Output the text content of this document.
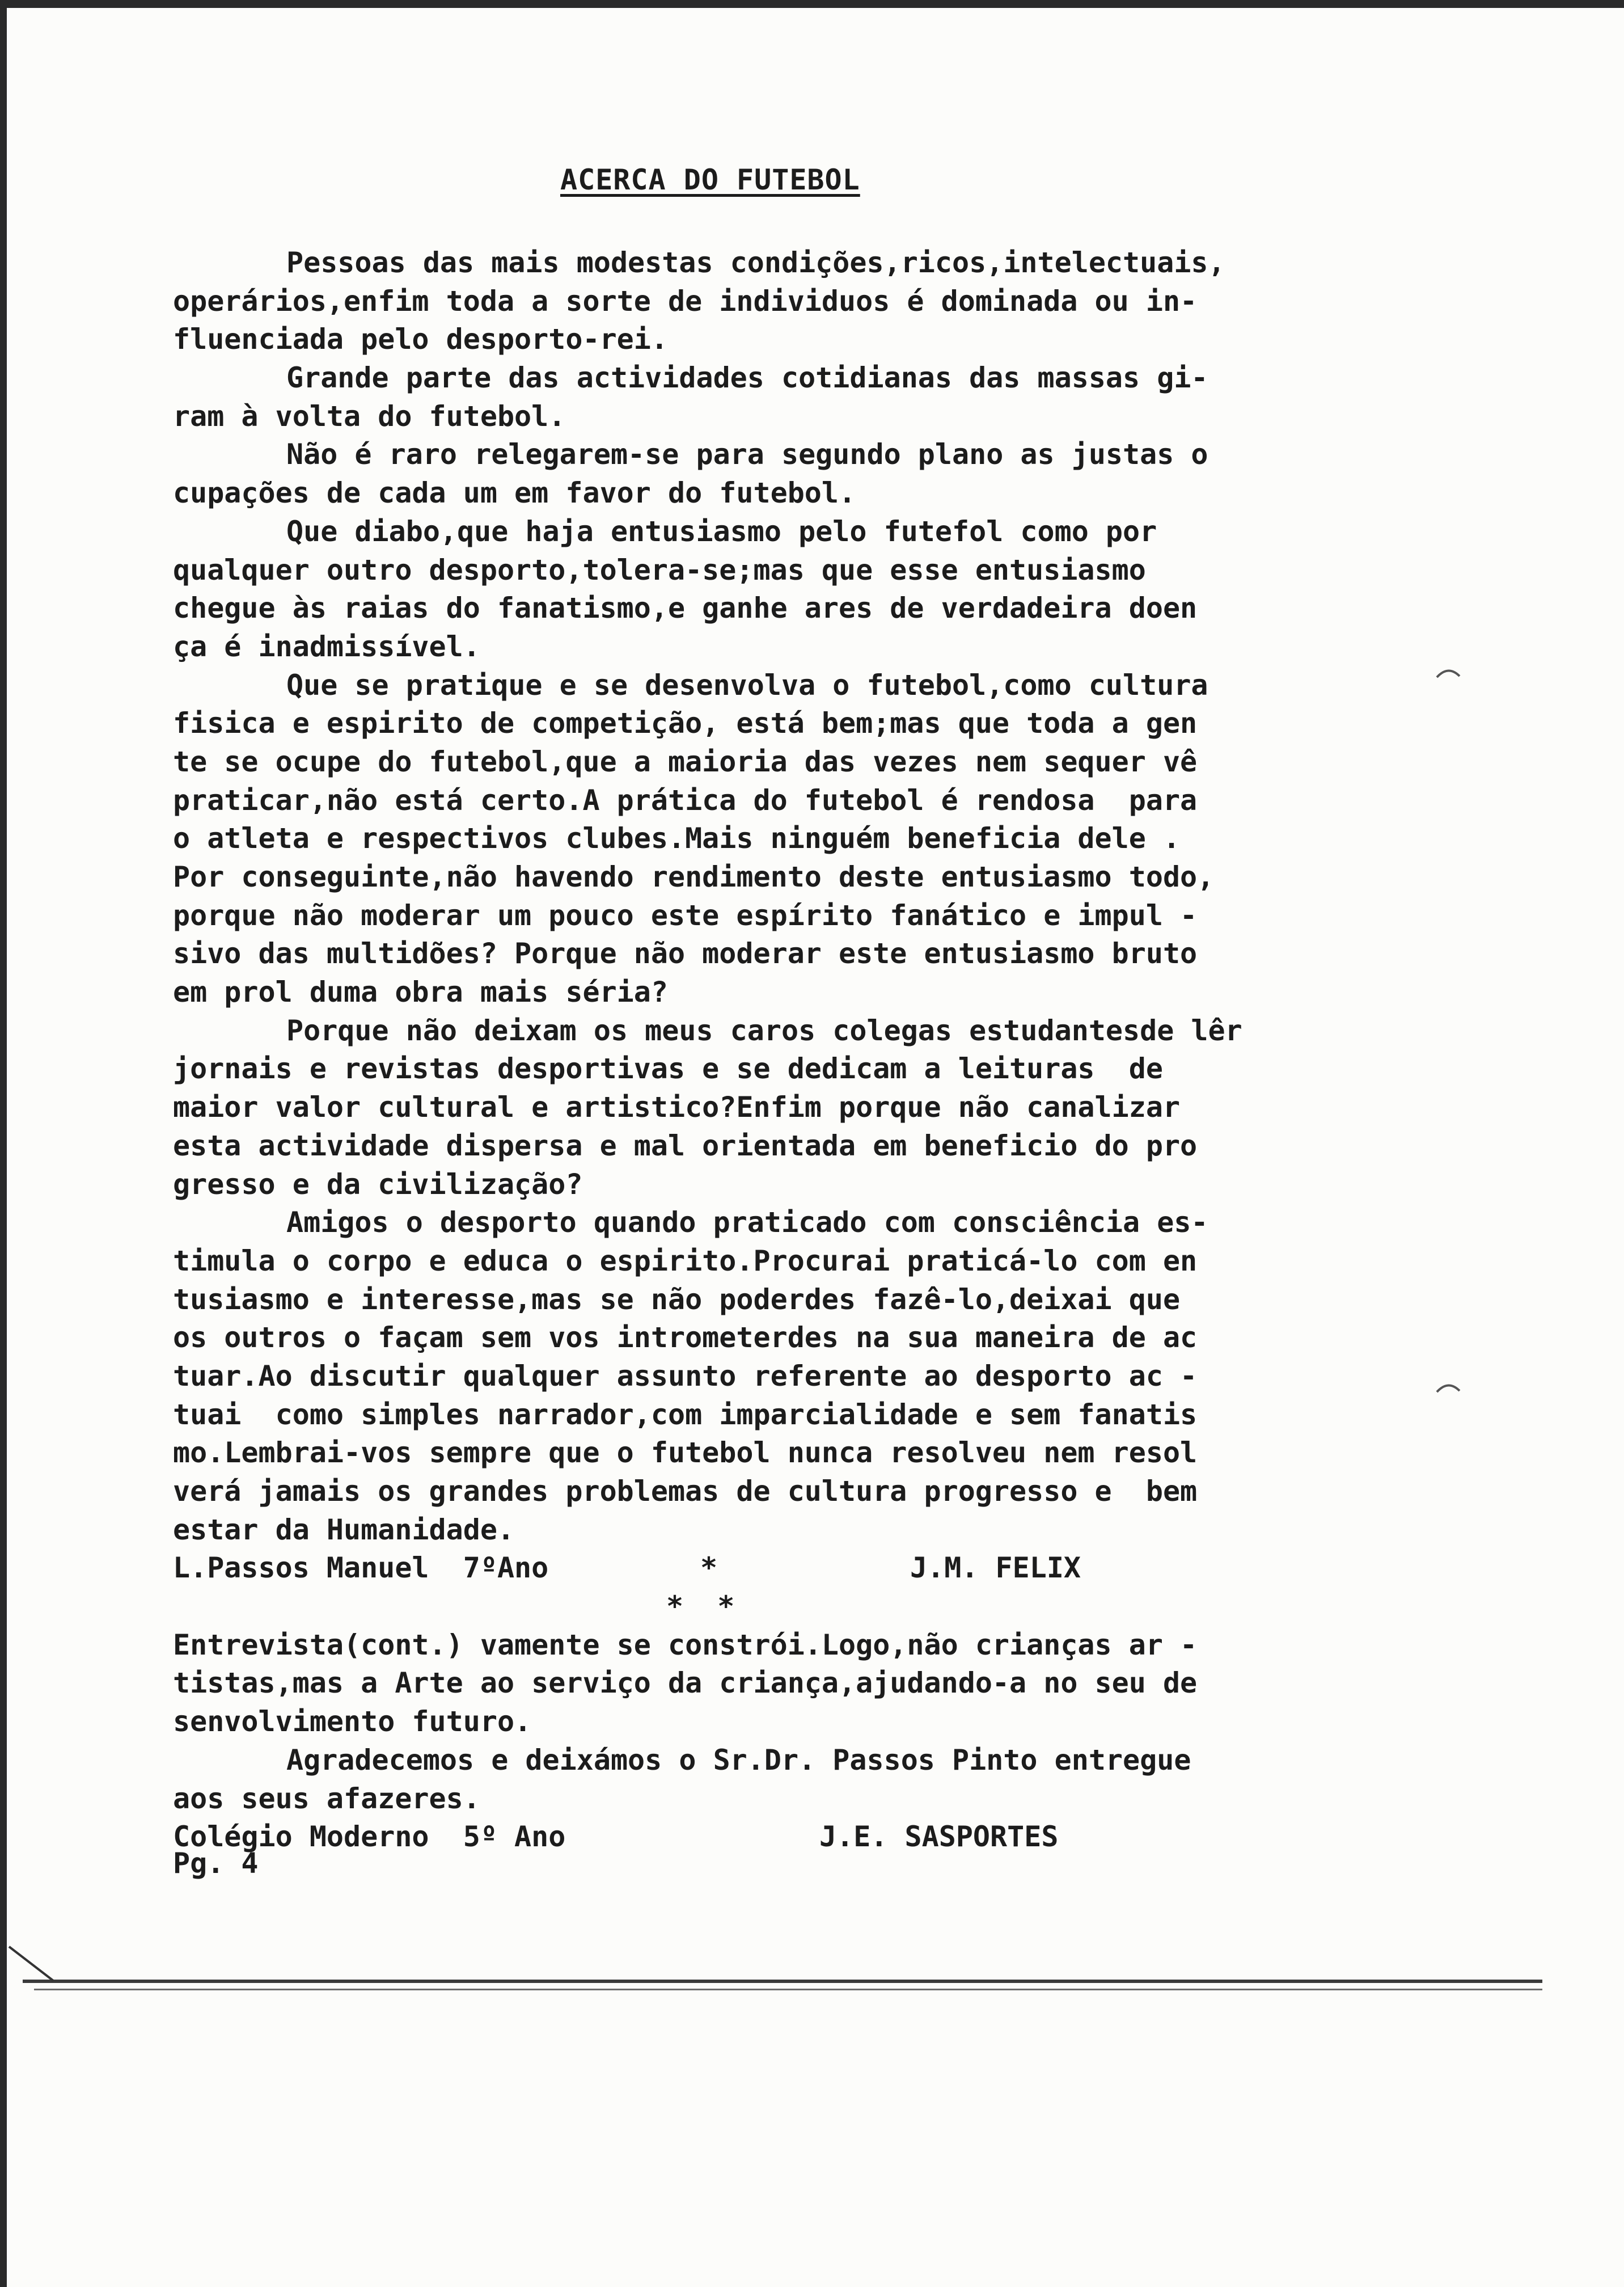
ACERCA DO FUTEBOL
Pessoas das mais modestas condições,ricos,intelectuais,
operários,enfim toda a sorte de individuos é dominada ou in-
fluenciada pelo desporto-rei.
Grande parte das actividades cotidianas das massas gi-
ram à volta do futebol.
Não é raro relegarem-se para segundo plano as justas o
cupações de cada um em favor do futebol.
Que diabo,que haja entusiasmo pelo futefol como por
qualquer outro desporto,tolera-se;mas que esse entusiasmo
chegue às raias do fanatismo,e ganhe ares de verdadeira doen
ça é inadmissível.
Que se pratique e se desenvolva o futebol,como cultura
fisica e espirito de competição, está bem;mas que toda a gen
te se ocupe do futebol,que a maioria das vezes nem sequer vê
praticar,não está certo.A prática do futebol é rendosa  para
o atleta e respectivos clubes.Mais ninguém beneficia dele .
Por conseguinte,não havendo rendimento deste entusiasmo todo,
porque não moderar um pouco este espírito fanático e impul -
sivo das multidões? Porque não moderar este entusiasmo bruto
em prol duma obra mais séria?
Porque não deixam os meus caros colegas estudantesde lêr
jornais e revistas desportivas e se dedicam a leituras  de
maior valor cultural e artistico?Enfim porque não canalizar
esta actividade dispersa e mal orientada em beneficio do pro
gresso e da civilização?
Amigos o desporto quando praticado com consciência es-
timula o corpo e educa o espirito.Procurai praticá-lo com en
tusiasmo e interesse,mas se não poderdes fazê-lo,deixai que
os outros o façam sem vos intrometerdes na sua maneira de ac
tuar.Ao discutir qualquer assunto referente ao desporto ac -
tuai  como simples narrador,com imparcialidade e sem fanatis
mo.Lembrai-vos sempre que o futebol nunca resolveu nem resol
verá jamais os grandes problemas de cultura progresso e  bem
estar da Humanidade.

L.Passos Manuel  7ºAno

	*

	J.M. FELIX

*  *

Entrevista(cont.) vamente se constrói.Logo,não crianças ar -
tistas,mas a Arte ao serviço da criança,ajudando-a no seu de
senvolvimento futuro.
Agradecemos e deixámos o Sr.Dr. Passos Pinto entregue
aos seus afazeres.

Colégio Moderno  5º Ano

	J.E. SASPORTES

Pg. 4
